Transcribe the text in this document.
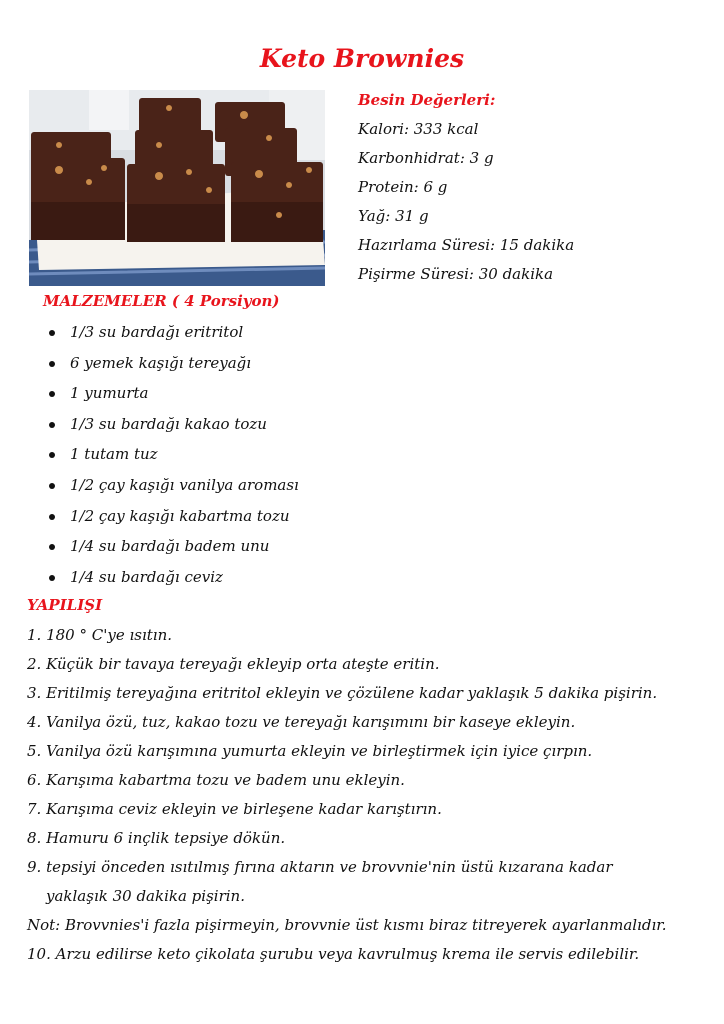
Keto Brownies
Besin Değerleri:
Kalori: 333 kcal
Karbonhidrat: 3 g
Protein: 6 g
Yağ: 31 g
Hazırlama Süresi: 15 dakika
Pişirme Süresi: 30 dakika
MALZEMELER ( 4 Porsiyon)
1/3 su bardağı eritritol
6 yemek kaşığı tereyağı
1 yumurta
1/3 su bardağı kakao tozu
1 tutam tuz
1/2 çay kaşığı vanilya aroması
1/2 çay kaşığı kabartma tozu
1/4 su bardağı badem unu
1/4 su bardağı ceviz
YAPILIŞI
1. 180 ° C'ye ısıtın.
2. Küçük bir tavaya tereyağı ekleyip orta ateşte eritin.
3. Eritilmiş tereyağına eritritol ekleyin ve çözülene kadar yaklaşık 5 dakika pişirin.
4. Vanilya özü, tuz, kakao tozu ve tereyağı karışımını bir kaseye ekleyin.
5. Vanilya özü karışımına yumurta ekleyin ve birleştirmek için iyice çırpın.
6. Karışıma kabartma tozu ve badem unu ekleyin.
7. Karışıma ceviz ekleyin ve birleşene kadar karıştırın.
8. Hamuru 6 inçlik tepsiye dökün.
9. tepsiyi önceden ısıtılmış fırına aktarın ve brovvnie'nin üstü kızarana kadar
yaklaşık 30 dakika pişirin.
Not: Brovvnies'i fazla pişirmeyin, brovvnie üst kısmı biraz titreyerek ayarlanmalıdır.
10. Arzu edilirse keto çikolata şurubu veya kavrulmuş krema ile servis edilebilir.
